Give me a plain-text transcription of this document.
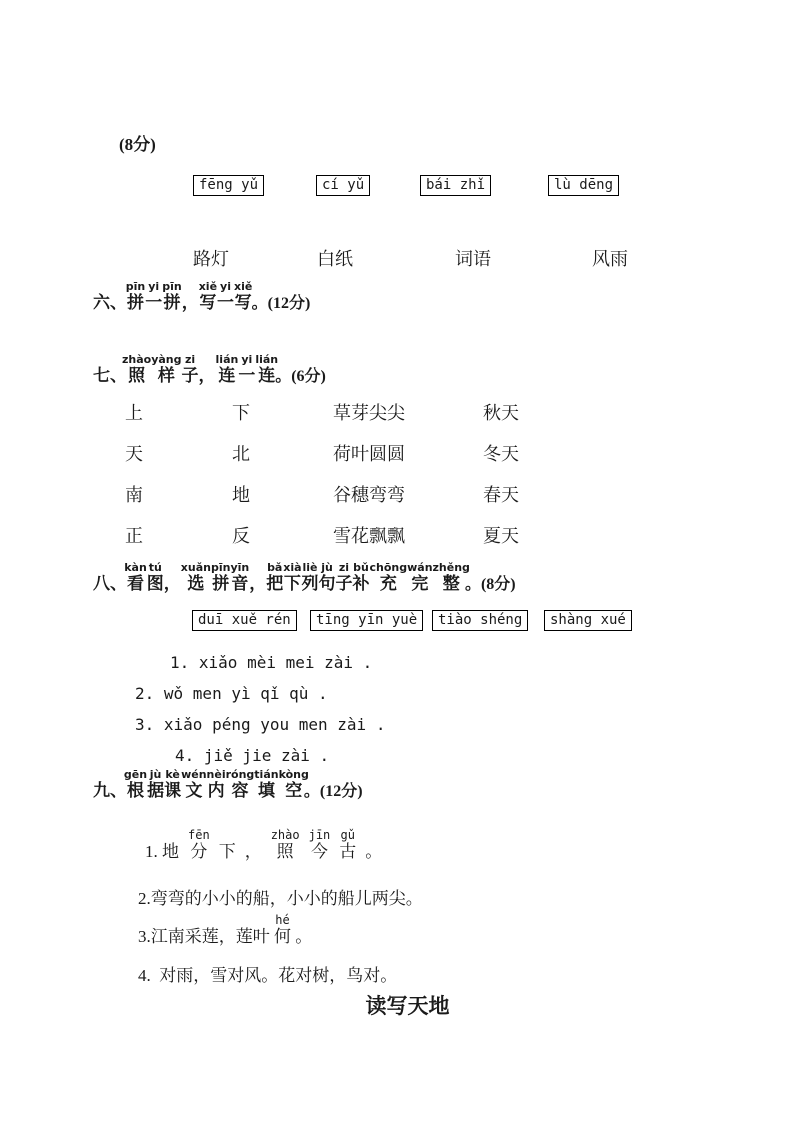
(8分)
fēng yǔ	cí yǔ	bái zhǐ	lù dēng
路灯	白纸	词语	风雨
六、拼pīn一yi拼pīn，写xiě一yi写xiě。(12分)
七、照zhào样yàng子zi，连lián一yi连lián。(6分)
上	下	草芽尖尖	秋天
天	北	荷叶圆圆	冬天
南	地	谷穗弯弯	春天
正	反	雪花飘飘	夏天
八、看kàn图tú，选xuǎn拼pīn音yīn，把bǎ下xià列liè句jù子zi补bǔ充chōng完wán整zhěng。(8分)
duī xuě rén	tīng yīn yuè	tiào shéng	shàng xué
1. xiǎo mèi mei zài .
2. wǒ men yì qǐ qù .
3. xiǎo péng you men zài .
4. jiě jie zài .
九、根gēn据jù课kè文wén内nèi容róng填tián空kòng。(12分)

1. 地 分fēn下 ， 照zhào今jīn古gǔ。

2.弯弯的小小的船，小小的船儿两尖。

3.江南采莲，莲叶 何hé 。

4.  对雨，雪对风。花对树，鸟对。

读写天地
